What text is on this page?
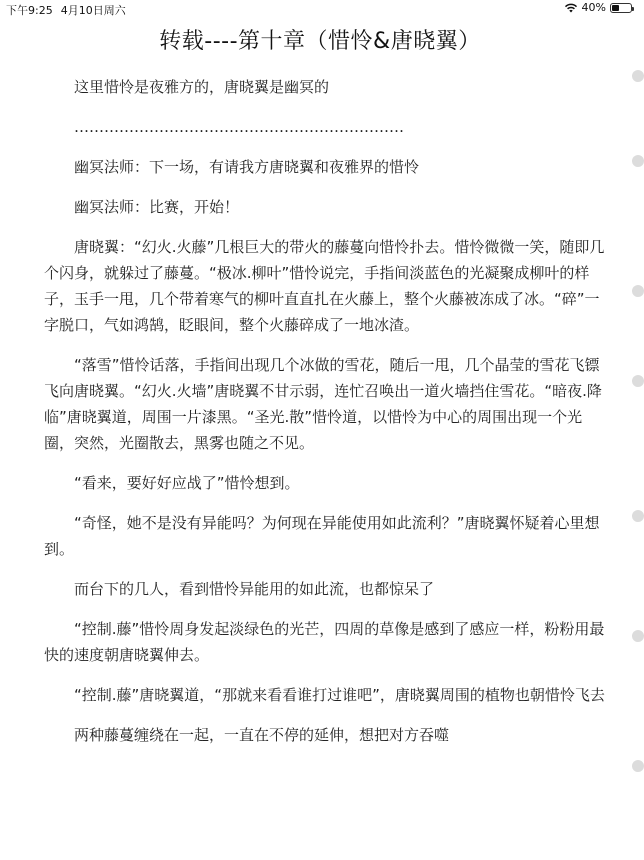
下午9:25 4月10日周六	40%
转载----第十章（惜怜&唐晓翼）

这里惜怜是夜雅方的，唐晓翼是幽冥的

…………………………………………………………

幽冥法师：下一场，有请我方唐晓翼和夜雅界的惜怜

幽冥法师：比赛，开始！

唐晓翼：“幻火.火藤”几根巨大的带火的藤蔓向惜怜扑去。惜怜微微一笑，随即几个闪身，就躲过了藤蔓。“极冰.柳叶”惜怜说完，手指间淡蓝色的光凝聚成柳叶的样子，玉手一甩，几个带着寒气的柳叶直直扎在火藤上，整个火藤被冻成了冰。“碎”一字脱口，气如鸿鹄，眨眼间，整个火藤碎成了一地冰渣。

“落雪”惜怜话落，手指间出现几个冰做的雪花，随后一甩，几个晶莹的雪花飞镖飞向唐晓翼。“幻火.火墙”唐晓翼不甘示弱，连忙召唤出一道火墙挡住雪花。“暗夜.降临”唐晓翼道，周围一片漆黑。“圣光.散”惜怜道，以惜怜为中心的周围出现一个光圈，突然，光圈散去，黑雾也随之不见。

“看来，要好好应战了”惜怜想到。

“奇怪，她不是没有异能吗？为何现在异能使用如此流利？”唐晓翼怀疑着心里想到。

而台下的几人，看到惜怜异能用的如此流，也都惊呆了

“控制.藤”惜怜周身发起淡绿色的光芒，四周的草像是感到了感应一样，粉粉用最快的速度朝唐晓翼伸去。

“控制.藤”唐晓翼道，“那就来看看谁打过谁吧”，唐晓翼周围的植物也朝惜怜飞去

两种藤蔓缠绕在一起，一直在不停的延伸，想把对方吞噬
